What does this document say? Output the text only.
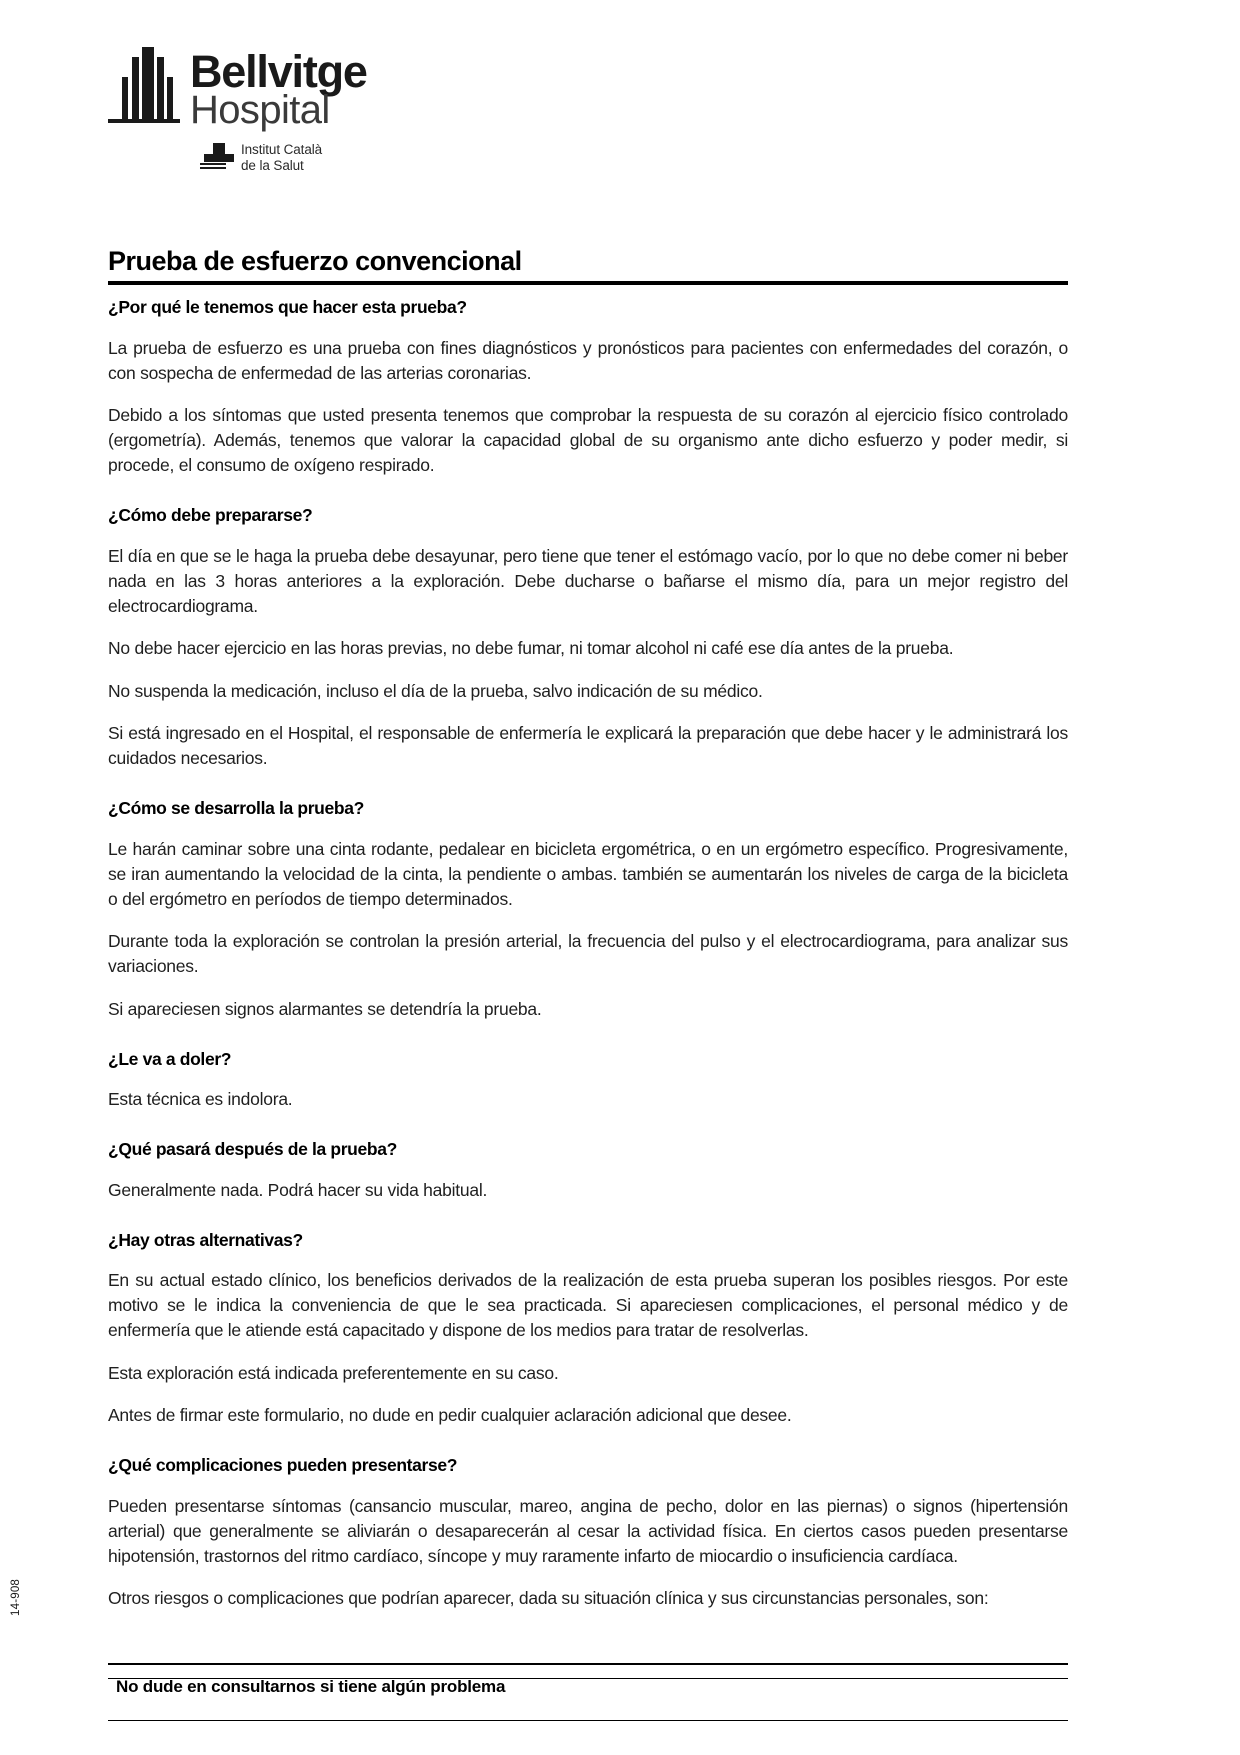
Bellvitge
Hospital
Institut Català
de la Salut
Prueba de esfuerzo convencional
¿Por qué le tenemos que hacer esta prueba?

La prueba de esfuerzo es una prueba con fines diagnósticos y pronósticos para pacientes con enfermedades del corazón, o con sospecha de enfermedad de las arterias coronarias.

Debido a los síntomas que usted presenta tenemos que comprobar la respuesta de su corazón al ejercicio físico controlado (ergometría). Además, tenemos que valorar la capacidad global de su organismo ante dicho esfuerzo y poder medir, si procede, el consumo de oxígeno respirado.

¿Cómo debe prepararse?

El día en que se le haga la prueba debe desayunar, pero tiene que tener el estómago vacío, por lo que no debe comer ni beber nada en las 3 horas anteriores a la exploración. Debe ducharse o bañarse el mismo día, para un mejor registro del electrocardiograma.

No debe hacer ejercicio en las horas previas, no debe fumar, ni tomar alcohol ni café ese día antes de la prueba.

No suspenda la medicación, incluso el día de la prueba, salvo indicación de su médico.

Si está ingresado en el Hospital, el responsable de enfermería le explicará la preparación que debe hacer y le administrará los cuidados necesarios.

¿Cómo se desarrolla la prueba?

Le harán caminar sobre una cinta rodante, pedalear en bicicleta ergométrica, o en un ergómetro específico. Progresivamente, se iran aumentando la velocidad de la cinta, la pendiente o ambas. también se aumentarán los niveles de carga de la bicicleta o del ergómetro en períodos de tiempo determinados.

Durante toda la exploración se controlan la presión arterial, la frecuencia del pulso y el electrocardiograma, para analizar sus variaciones.

Si apareciesen signos alarmantes se detendría la prueba.

¿Le va a doler?

Esta técnica es indolora.

¿Qué pasará después de la prueba?

Generalmente nada. Podrá hacer su vida habitual.

¿Hay otras alternativas?

En su actual estado clínico, los beneficios derivados de la realización de esta prueba superan los posibles riesgos. Por este motivo se le indica la conveniencia de que le sea practicada. Si apareciesen complicaciones, el personal médico y de enfermería que le atiende está capacitado y dispone de los medios para tratar de resolverlas.

Esta exploración está indicada preferentemente en su caso.

Antes de firmar este formulario, no dude en pedir cualquier aclaración adicional que desee.

¿Qué complicaciones pueden presentarse?

Pueden presentarse síntomas (cansancio muscular, mareo, angina de pecho, dolor en las piernas) o signos (hipertensión arterial) que generalmente se aliviarán o desaparecerán al cesar la actividad física. En ciertos casos pueden presentarse hipotensión, trastornos del ritmo cardíaco, síncope y muy raramente infarto de miocardio o insuficiencia cardíaca.

Otros riesgos o complicaciones que podrían aparecer, dada su situación clínica y sus circunstancias personales, son:

14-908
No dude en consultarnos si tiene algún problema
